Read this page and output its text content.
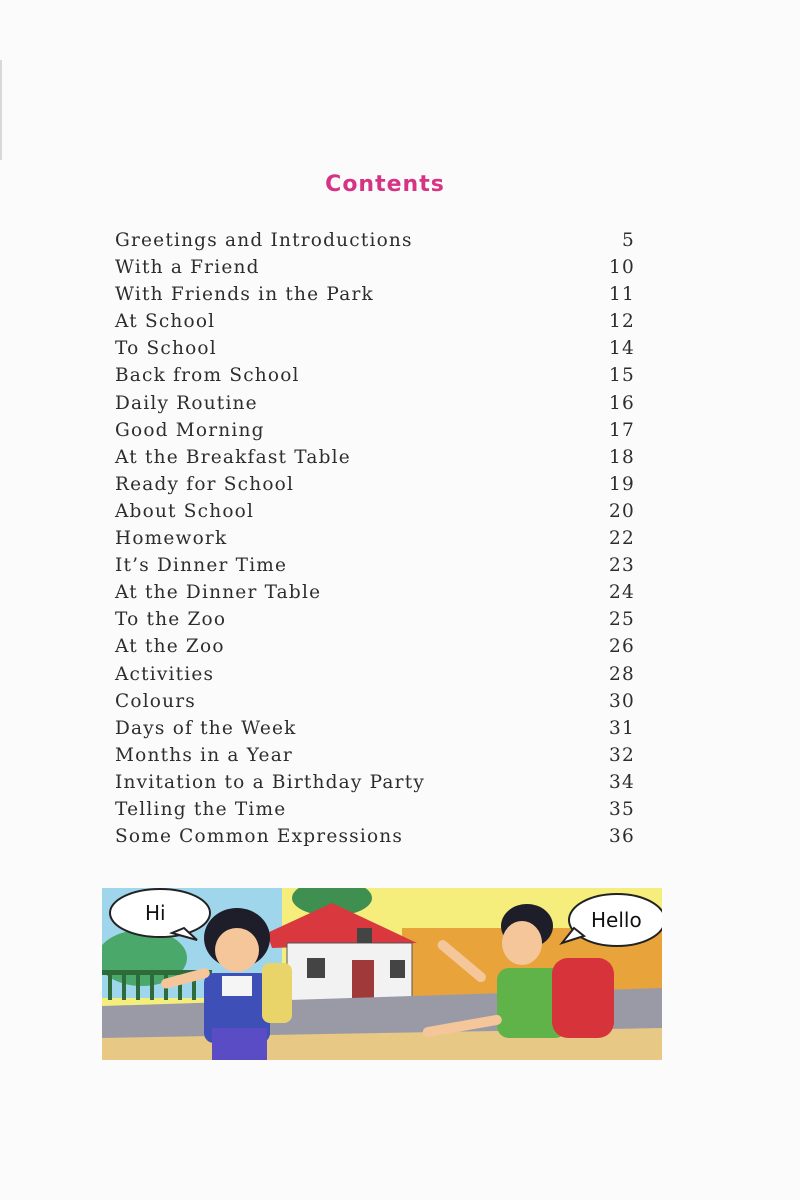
Contents
Greetings and Introductions	5
With a Friend	10
With Friends in the Park	11
At School	12
To School	14
Back from School	15
Daily Routine	16
Good Morning	17
At the Breakfast Table	18
Ready for School	19
About School	20
Homework	22
It’s Dinner Time	23
At the Dinner Table	24
To the Zoo	25
At the Zoo	26
Activities	28
Colours	30
Days of the Week	31
Months in a Year	32
Invitation to a Birthday Party	34
Telling the Time	35
Some Common Expressions	36
Hi	Hello
